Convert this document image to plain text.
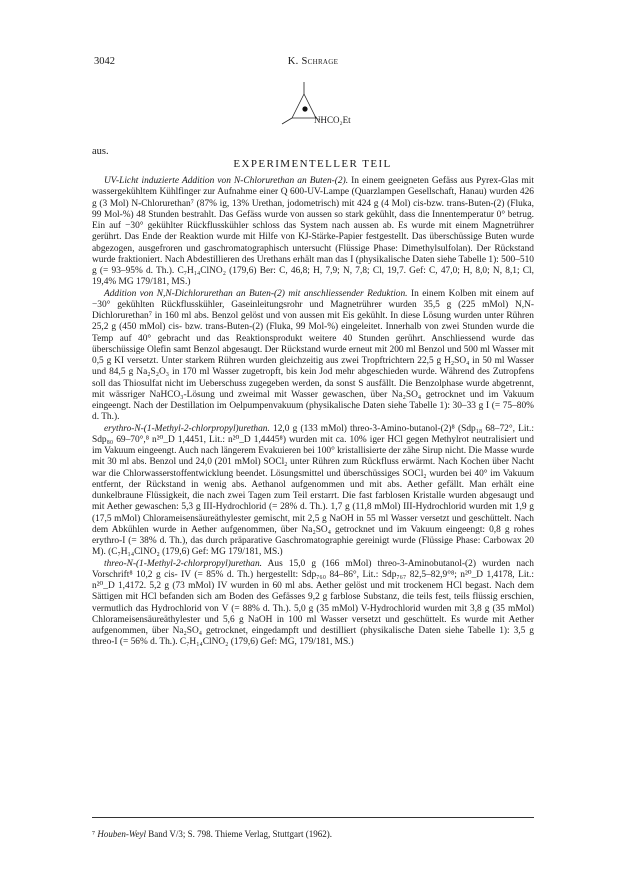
3042	K. Schrage
NHCO₂Et
aus.
EXPERIMENTELLER TEIL

UV-Licht induzierte Addition von N-Chlorurethan an Buten-(2). In einem geeigneten Gefäss aus Pyrex-Glas mit wassergekühltem Kühlfinger zur Aufnahme einer Q 600-UV-Lampe (Quarzlampen Gesellschaft, Hanau) wurden 426 g (3 Mol) N-Chlorurethan⁷ (87% ig, 13% Urethan, jodometrisch) mit 424 g (4 Mol) cis-bzw. trans-Buten-(2) (Fluka, 99 Mol-%) 48 Stunden bestrahlt. Das Gefäss wurde von aussen so stark gekühlt, dass die Innentemperatur 0° betrug. Ein auf −30° gekühlter Rückflusskühler schloss das System nach aussen ab. Es wurde mit einem Magnetrührer gerührt. Das Ende der Reaktion wurde mit Hilfe von KJ-Stärke-Papier festgestellt. Das überschüssige Buten wurde abgezogen, ausgefroren und gaschromatographisch untersucht (Flüssige Phase: Dimethylsulfolan). Der Rückstand wurde fraktioniert. Nach Abdestillieren des Urethans erhält man das I (physikalische Daten siehe Tabelle 1): 500–510 g (= 93–95% d. Th.). C₇H₁₄ClNO₂ (179,6) Ber: C, 46,8; H, 7,9; N, 7,8; Cl, 19,7. Gef: C, 47,0; H, 8,0; N, 8,1; Cl, 19,4% MG 179/181, MS.)

Addition von N,N-Dichlorurethan an Buten-(2) mit anschliessender Reduktion. In einem Kolben mit einem auf −30° gekühlten Rückflusskühler, Gaseinleitungsrohr und Magnetrührer wurden 35,5 g (225 mMol) N,N-Dichlorurethan⁷ in 160 ml abs. Benzol gelöst und von aussen mit Eis gekühlt. In diese Lösung wurden unter Rühren 25,2 g (450 mMol) cis- bzw. trans-Buten-(2) (Fluka, 99 Mol-%) eingeleitet. Innerhalb von zwei Stunden wurde die Temp auf 40° gebracht und das Reaktionsprodukt weitere 40 Stunden gerührt. Anschliessend wurde das überschüssige Olefin samt Benzol abgesaugt. Der Rückstand wurde erneut mit 200 ml Benzol und 500 ml Wasser mit 0,5 g KI versetzt. Unter starkem Rühren wurden gleichzeitig aus zwei Tropftrichtern 22,5 g H₂SO₄ in 50 ml Wasser und 84,5 g Na₂S₂O₃ in 170 ml Wasser zugetropft, bis kein Jod mehr abgeschieden wurde. Während des Zutropfens soll das Thiosulfat nicht im Ueberschuss zugegeben werden, da sonst S ausfällt. Die Benzolphase wurde abgetrennt, mit wässriger NaHCO₃-Lösung und zweimal mit Wasser gewaschen, über Na₂SO₄ getrocknet und im Vakuum eingeengt. Nach der Destillation im Oelpumpenvakuum (physikalische Daten siehe Tabelle 1): 30–33 g I (= 75–80% d. Th.).

erythro-N-(1-Methyl-2-chlorpropyl)urethan. 12,0 g (133 mMol) threo-3-Amino-butanol-(2)⁸ (Sdp₁₈ 68–72°, Lit.: Sdp₈₀ 69–70°,⁸ n²⁰_D 1,4451, Lit.: n²⁰_D 1,4445⁸) wurden mit ca. 10% iger HCl gegen Methylrot neutralisiert und im Vakuum eingeengt. Auch nach längerem Evakuieren bei 100° kristallisierte der zähe Sirup nicht. Die Masse wurde mit 30 ml abs. Benzol und 24,0 (201 mMol) SOCl₂ unter Rühren zum Rückfluss erwärmt. Nach Kochen über Nacht war die Chlorwasserstoffentwicklung beendet. Lösungsmittel und überschüssiges SOCl₂ wurden bei 40° im Vakuum entfernt, der Rückstand in wenig abs. Aethanol aufgenommen und mit abs. Aether gefällt. Man erhält eine dunkelbraune Flüssigkeit, die nach zwei Tagen zum Teil erstarrt. Die fast farblosen Kristalle wurden abgesaugt und mit Aether gewaschen: 5,3 g III-Hydrochlorid (= 28% d. Th.). 1,7 g (11,8 mMol) III-Hydrochlorid wurden mit 1,9 g (17,5 mMol) Chlorameisensäureäthylester gemischt, mit 2,5 g NaOH in 55 ml Wasser versetzt und geschüttelt. Nach dem Abkühlen wurde in Aether aufgenommen, über Na₂SO₄ getrocknet und im Vakuum eingeengt: 0,8 g rohes erythro-I (= 38% d. Th.), das durch präparative Gaschromatographie gereinigt wurde (Flüssige Phase: Carbowax 20 M). (C₇H₁₄ClNO₂ (179,6) Gef: MG 179/181, MS.)

threo-N-(1-Methyl-2-chlorpropyl)urethan. Aus 15,0 g (166 mMol) threo-3-Aminobutanol-(2) wurden nach Vorschrift⁸ 10,2 g cis- IV (= 85% d. Th.) hergestellt: Sdp₇₆₀ 84–86°, Lit.: Sdp₇₆₇ 82,5–82,9°⁸; n²⁰_D 1,4178, Lit.: n²⁰_D 1,4172. 5,2 g (73 mMol) IV wurden in 60 ml abs. Aether gelöst und mit trockenem HCl begast. Nach dem Sättigen mit HCl befanden sich am Boden des Gefässes 9,2 g farblose Substanz, die teils fest, teils flüssig erschien, vermutlich das Hydrochlorid von V (= 88% d. Th.). 5,0 g (35 mMol) V-Hydrochlorid wurden mit 3,8 g (35 mMol) Chlorameisensäureäthylester und 5,6 g NaOH in 100 ml Wasser versetzt und geschüttelt. Es wurde mit Aether aufgenommen, über Na₂SO₄ getrocknet, eingedampft und destilliert (physikalische Daten siehe Tabelle 1): 3,5 g threo-I (= 56% d. Th.). C₇H₁₄ClNO₂ (179,6) Gef: MG, 179/181, MS.)

⁷ Houben-Weyl Band V/3; S. 798. Thieme Verlag, Stuttgart (1962).
